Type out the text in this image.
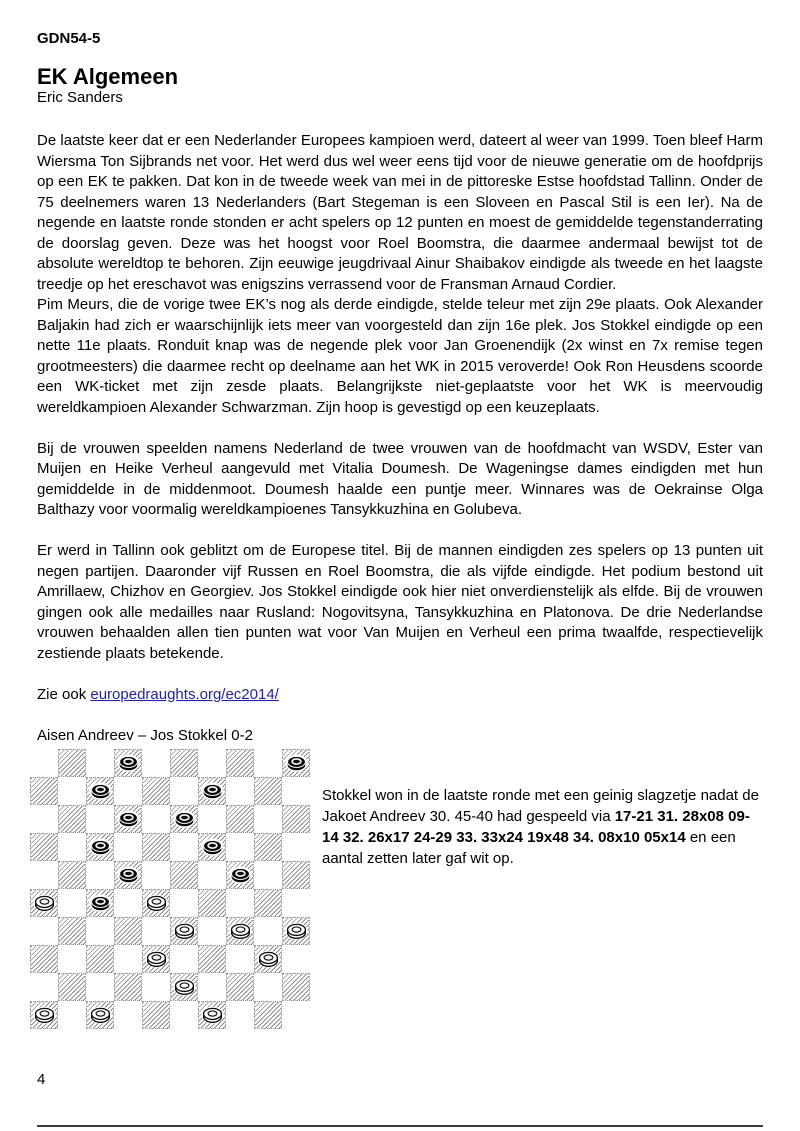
GDN54-5
EK Algemeen
Eric Sanders

De laatste keer dat er een Nederlander Europees kampioen werd, dateert al weer van 1999. Toen bleef Harm Wiersma Ton Sijbrands net voor. Het werd dus wel weer eens tijd voor de nieuwe generatie om de hoofdprijs op een EK te pakken. Dat kon in de tweede week van mei in de pittoreske Estse hoofdstad Tallinn. Onder de 75 deelnemers waren 13 Nederlanders (Bart Stegeman is een Sloveen en Pascal Stil is een Ier). Na de negende en laatste ronde stonden er acht spelers op 12 punten en moest de gemiddelde tegenstanderrating de doorslag geven. Deze was het hoogst voor Roel Boomstra, die daarmee andermaal bewijst tot de absolute wereldtop te behoren. Zijn eeuwige jeugdrivaal Ainur Shaibakov eindigde als tweede en het laagste treedje op het ereschavot was enigszins verrassend voor de Fransman Arnaud Cordier.

Pim Meurs, die de vorige twee EK’s nog als derde eindigde, stelde teleur met zijn 29e plaats. Ook Alexander Baljakin had zich er waarschijnlijk iets meer van voorgesteld dan zijn 16e plek. Jos Stokkel eindigde op een nette 11e plaats. Ronduit knap was de negende plek voor Jan Groenendijk (2x winst en 7x remise tegen grootmeesters) die daarmee recht op deelname aan het WK in 2015 veroverde! Ook Ron Heusdens scoorde een WK-ticket met zijn zesde plaats. Belangrijkste niet-geplaatste voor het WK is meervoudig wereldkampioen Alexander Schwarzman. Zijn hoop is gevestigd op een keuzeplaats.

Bij de vrouwen speelden namens Nederland de twee vrouwen van de hoofdmacht van WSDV, Ester van Muijen en Heike Verheul aangevuld met Vitalia Doumesh. De Wageningse dames eindigden met hun gemiddelde in de middenmoot. Doumesh haalde een puntje meer. Winnares was de Oekrainse Olga Balthazy voor voormalig wereldkampioenes Tansykkuzhina en Golubeva.

Er werd in Tallinn ook geblitzt om de Europese titel. Bij de mannen eindigden zes spelers op 13 punten uit negen partijen. Daaronder vijf Russen en Roel Boomstra, die als vijfde eindigde. Het podium bestond uit Amrillaew, Chizhov en Georgiev. Jos Stokkel eindigde ook hier niet onverdienstelijk als elfde. Bij de vrouwen gingen ook alle medailles naar Rusland: Nogovitsyna, Tansykkuzhina en Platonova. De drie Nederlandse vrouwen behaalden allen tien punten wat voor Van Muijen en Verheul een prima twaalfde, respectievelijk zestiende plaats betekende.

Zie ook europedraughts.org/ec2014/
Aisen Andreev – Jos Stokkel 0-2
Stokkel won in de laatste ronde met een geinig slagzetje nadat de Jakoet Andreev 30. 45-40 had gespeeld via 17-21 31. 28x08 09-14 32. 26x17 24-29 33. 33x24 19x48 34. 08x10 05x14 en een aantal zetten later gaf wit op.
4
